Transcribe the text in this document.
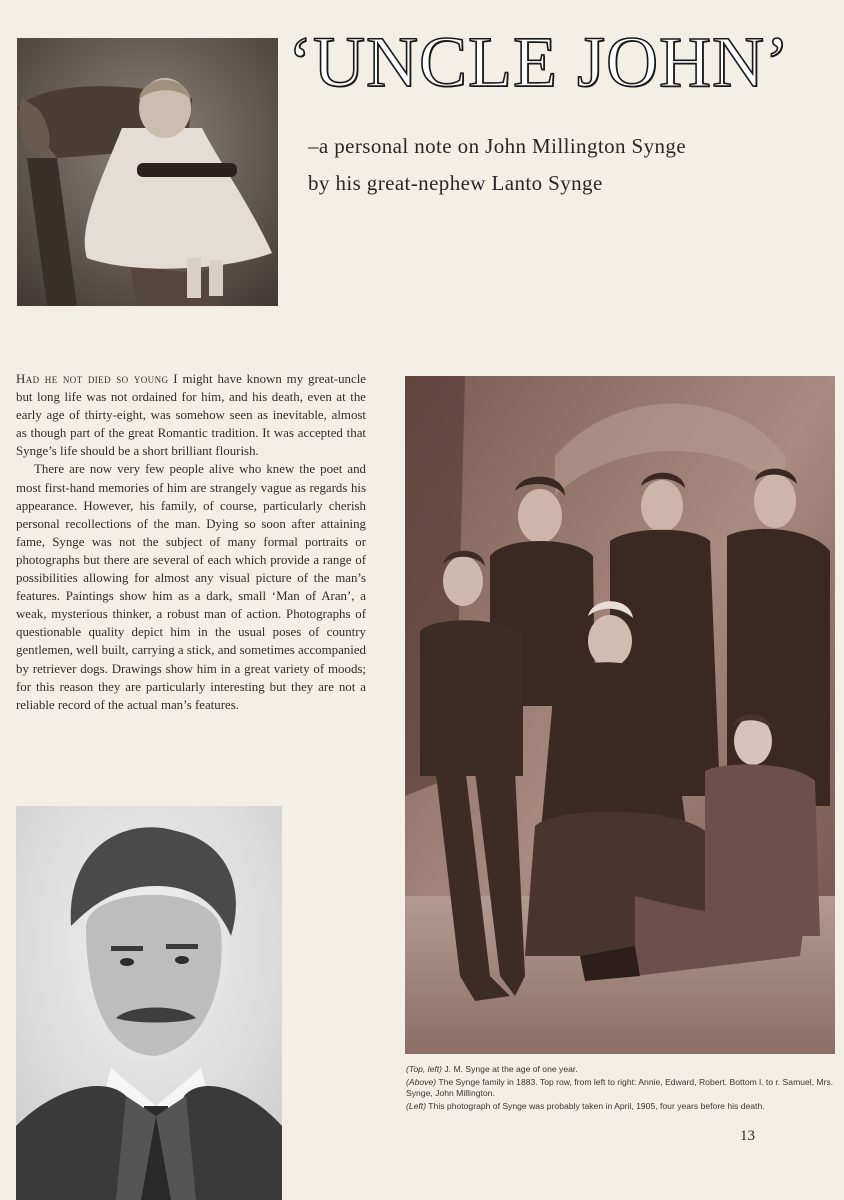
‘UNCLE JOHN’
–a personal note on John Millington Synge
by his great-nephew Lanto Synge

Had he not died so young I might have known my great-uncle but long life was not ordained for him, and his death, even at the early age of thirty-eight, was somehow seen as inevitable, almost as though part of the great Romantic tradition. It was accepted that Synge’s life should be a short brilliant flourish.

There are now very few people alive who knew the poet and most first-hand memories of him are strangely vague as regards his appearance. However, his family, of course, particularly cherish personal recollections of the man. Dying so soon after attaining fame, Synge was not the subject of many formal portraits or photographs but there are several of each which provide a range of possibilities allowing for almost any visual picture of the man’s features. Paintings show him as a dark, small ‘Man of Aran’, a weak, mysterious thinker, a robust man of action. Photographs of questionable quality depict him in the usual poses of country gentlemen, well built, carrying a stick, and sometimes accompanied by retriever dogs. Drawings show him in a great variety of moods; for this reason they are particularly interesting but they are not a reliable record of the actual man’s features.

(Top, left) J. M. Synge at the age of one year.

(Above) The Synge family in 1883. Top row, from left to right: Annie, Edward, Robert. Bottom l. to r. Samuel, Mrs. Synge, John Millington.

(Left) This photograph of Synge was probably taken in April, 1905, four years before his death.

13
